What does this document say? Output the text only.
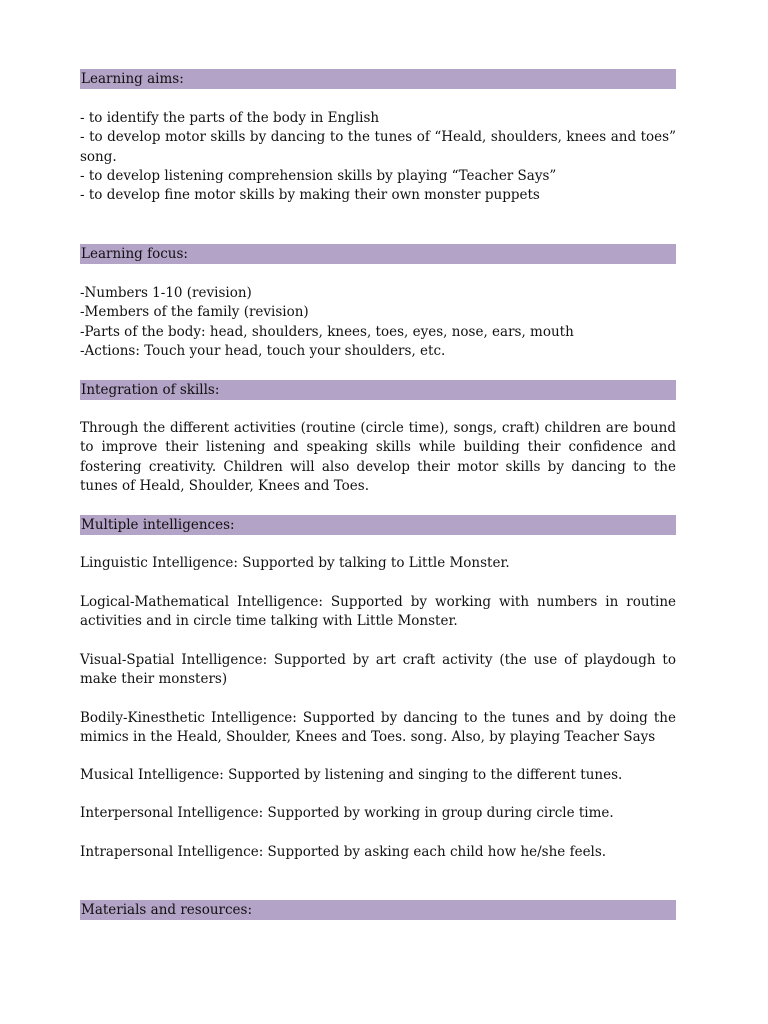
Learning aims:
- to identify the parts of the body in English
- to develop motor skills by dancing to the tunes of “Heald, shoulders, knees and toes” song.
- to develop listening comprehension skills by playing “Teacher Says”
- to develop fine motor skills by making their own monster puppets
Learning focus:
-Numbers 1-10 (revision)
-Members of the family (revision)
-Parts of the body: head, shoulders, knees, toes, eyes, nose, ears, mouth
-Actions: Touch your head, touch your shoulders, etc.
Integration of skills:
Through the different activities (routine (circle time), songs, craft) children are bound to improve their listening and speaking skills while building their confidence and fostering creativity. Children will also develop their motor skills by dancing to the tunes of Heald, Shoulder, Knees and Toes.
Multiple intelligences:
Linguistic Intelligence: Supported by talking to Little Monster.
Logical-Mathematical Intelligence: Supported by working with numbers in routine activities and in circle time talking with Little Monster.
Visual-Spatial Intelligence: Supported by art craft activity (the use of playdough to make their monsters)
Bodily-Kinesthetic Intelligence: Supported by dancing to the tunes and by doing the mimics in the Heald, Shoulder, Knees and Toes. song. Also, by playing Teacher Says
Musical Intelligence: Supported by listening and singing to the different tunes.
Interpersonal Intelligence: Supported by working in group during circle time.
Intrapersonal Intelligence: Supported by asking each child how he/she feels.
Materials and resources:
